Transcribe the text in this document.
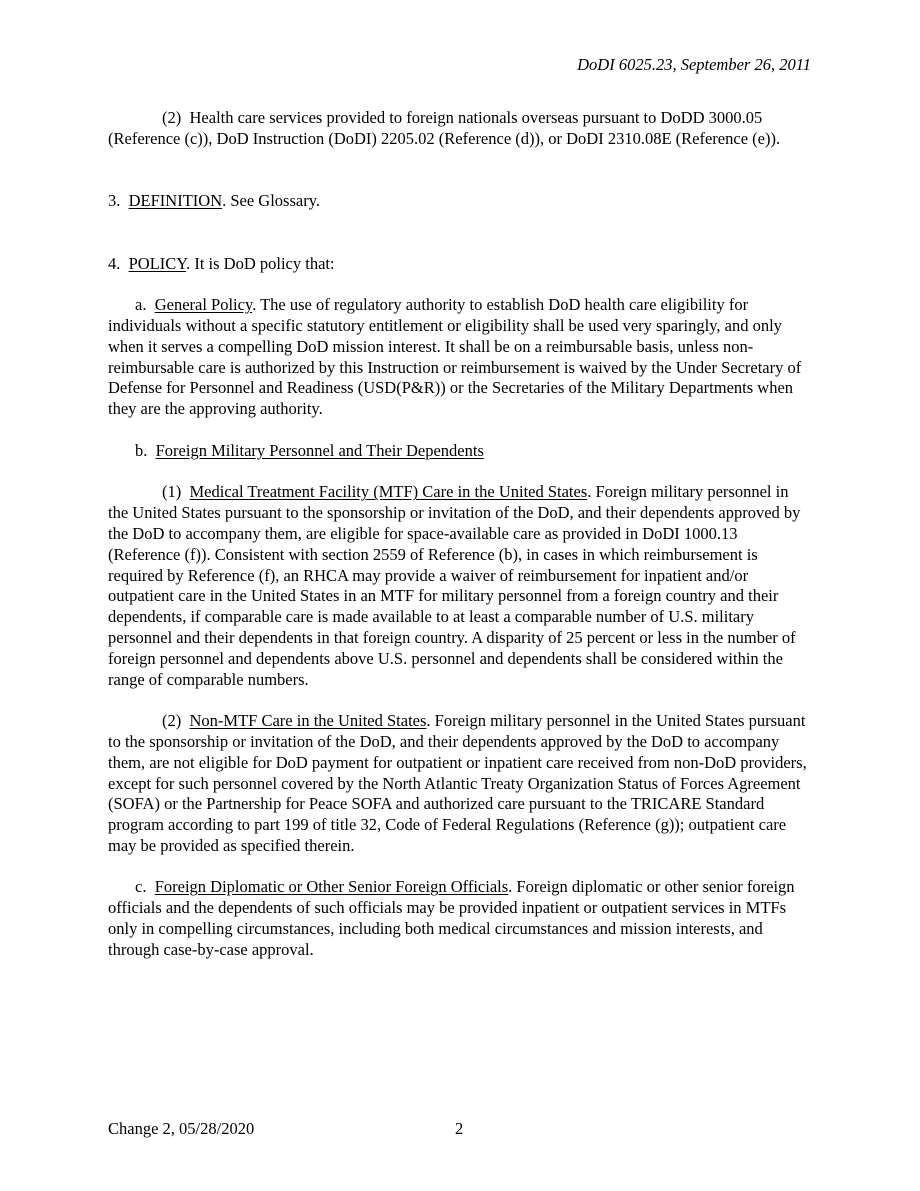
DoDI 6025.23, September 26, 2011

(2) Health care services provided to foreign nationals overseas pursuant to DoDD 3000.05 (Reference (c)), DoD Instruction (DoDI) 2205.02 (Reference (d)), or DoDI 2310.08E (Reference (e)).

3. DEFINITION. See Glossary.

4. POLICY. It is DoD policy that:

a. General Policy. The use of regulatory authority to establish DoD health care eligibility for individuals without a specific statutory entitlement or eligibility shall be used very sparingly, and only when it serves a compelling DoD mission interest. It shall be on a reimbursable basis, unless non-reimbursable care is authorized by this Instruction or reimbursement is waived by the Under Secretary of Defense for Personnel and Readiness (USD(P&R)) or the Secretaries of the Military Departments when they are the approving authority.

b. Foreign Military Personnel and Their Dependents

(1) Medical Treatment Facility (MTF) Care in the United States. Foreign military personnel in the United States pursuant to the sponsorship or invitation of the DoD, and their dependents approved by the DoD to accompany them, are eligible for space-available care as provided in DoDI 1000.13 (Reference (f)). Consistent with section 2559 of Reference (b), in cases in which reimbursement is required by Reference (f), an RHCA may provide a waiver of reimbursement for inpatient and/or outpatient care in the United States in an MTF for military personnel from a foreign country and their dependents, if comparable care is made available to at least a comparable number of U.S. military personnel and their dependents in that foreign country. A disparity of 25 percent or less in the number of foreign personnel and dependents above U.S. personnel and dependents shall be considered within the range of comparable numbers.

(2) Non-MTF Care in the United States. Foreign military personnel in the United States pursuant to the sponsorship or invitation of the DoD, and their dependents approved by the DoD to accompany them, are not eligible for DoD payment for outpatient or inpatient care received from non-DoD providers, except for such personnel covered by the North Atlantic Treaty Organization Status of Forces Agreement (SOFA) or the Partnership for Peace SOFA and authorized care pursuant to the TRICARE Standard program according to part 199 of title 32, Code of Federal Regulations (Reference (g)); outpatient care may be provided as specified therein.

c. Foreign Diplomatic or Other Senior Foreign Officials. Foreign diplomatic or other senior foreign officials and the dependents of such officials may be provided inpatient or outpatient services in MTFs only in compelling circumstances, including both medical circumstances and mission interests, and through case-by-case approval.

Change 2, 05/28/2020	2
